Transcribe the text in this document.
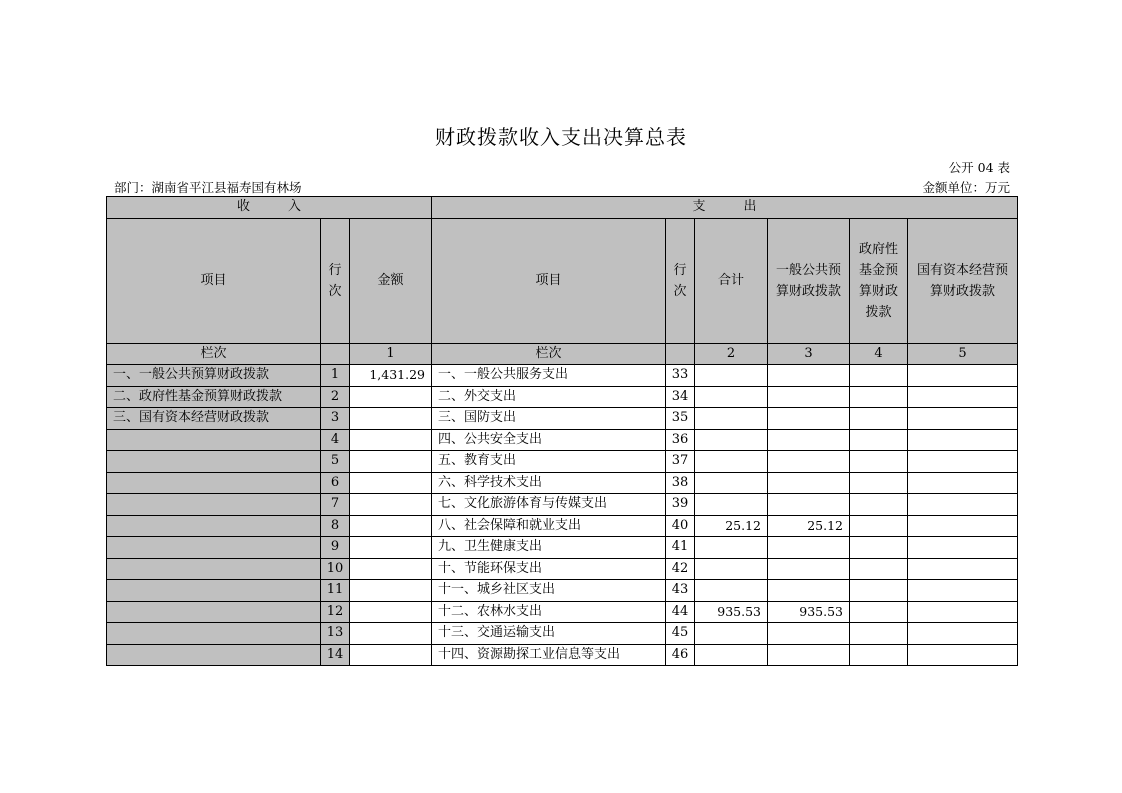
财政拨款收入支出决算总表
公开 04 表
部门：湖南省平江县福寿国有林场	金额单位：万元
收 入			支 出					
项目	行次	金额	项目	行次	合计	一般公共预算财政拨款	政府性基金预算财政拨款	国有资本经营预算财政拨款
栏次		1	栏次		2	3	4	5
一、一般公共预算财政拨款	1	1,431.29	一、一般公共服务支出	33				
二、政府性基金预算财政拨款	2		二、外交支出	34				
三、国有资本经营财政拨款	3		三、国防支出	35				
	4		四、公共安全支出	36				
	5		五、教育支出	37				
	6		六、科学技术支出	38				
	7		七、文化旅游体育与传媒支出	39				
	8		八、社会保障和就业支出	40	25.12	25.12		
	9		九、卫生健康支出	41				
	10		十、节能环保支出	42				
	11		十一、城乡社区支出	43				
	12		十二、农林水支出	44	935.53	935.53		
	13		十三、交通运输支出	45				
	14		十四、资源勘探工业信息等支出	46				
